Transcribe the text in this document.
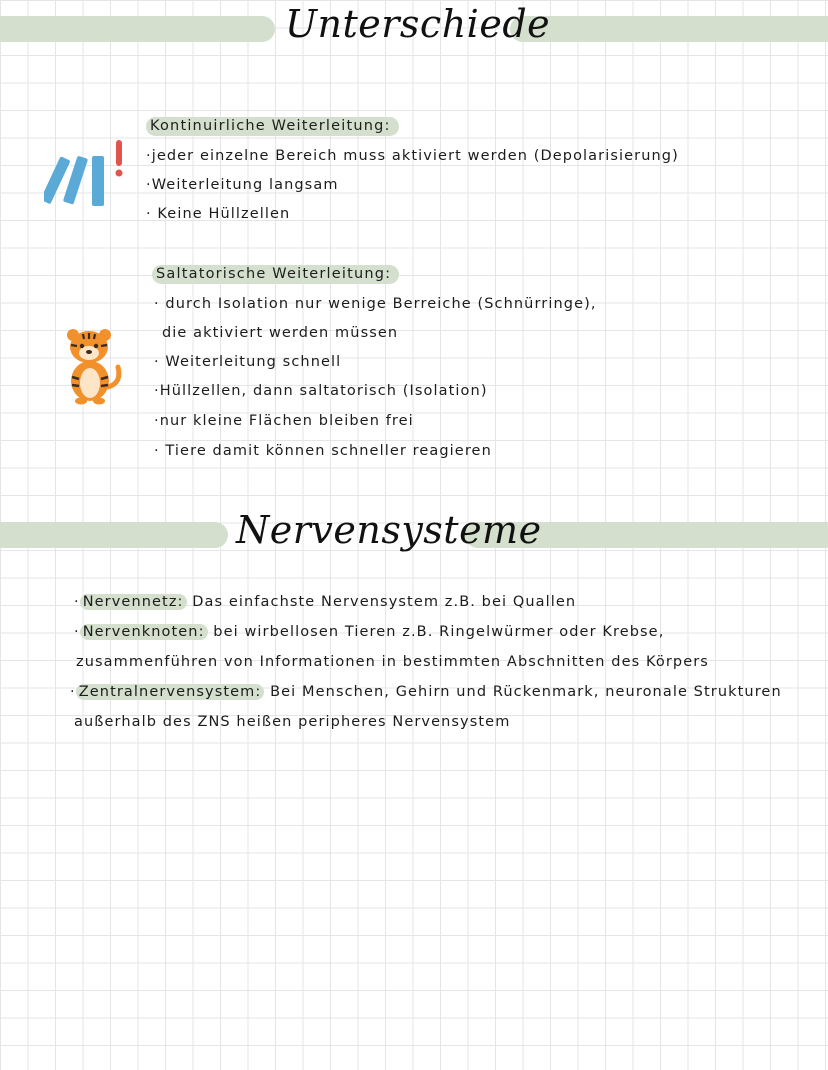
Unterschiede
Kontinuirliche Weiterleitung:
·jeder einzelne Bereich muss aktiviert werden (Depolarisierung)
·Weiterleitung langsam
· Keine Hüllzellen
Saltatorische Weiterleitung:
· durch Isolation nur wenige Berreiche (Schnürringe),
die aktiviert werden müssen
· Weiterleitung schnell
·Hüllzellen, dann saltatorisch (Isolation)
·nur kleine Flächen bleiben frei
· Tiere damit können schneller reagieren
Nervensysteme
· Nervennetz: Das einfachste Nervensystem z.B. bei Quallen
· Nervenknoten: bei wirbellosen Tieren z.B. Ringelwürmer oder Krebse,
zusammenführen von Informationen in bestimmten Abschnitten des Körpers
· Zentralnervensystem: Bei Menschen, Gehirn und Rückenmark, neuronale Strukturen
außerhalb des ZNS heißen peripheres Nervensystem
